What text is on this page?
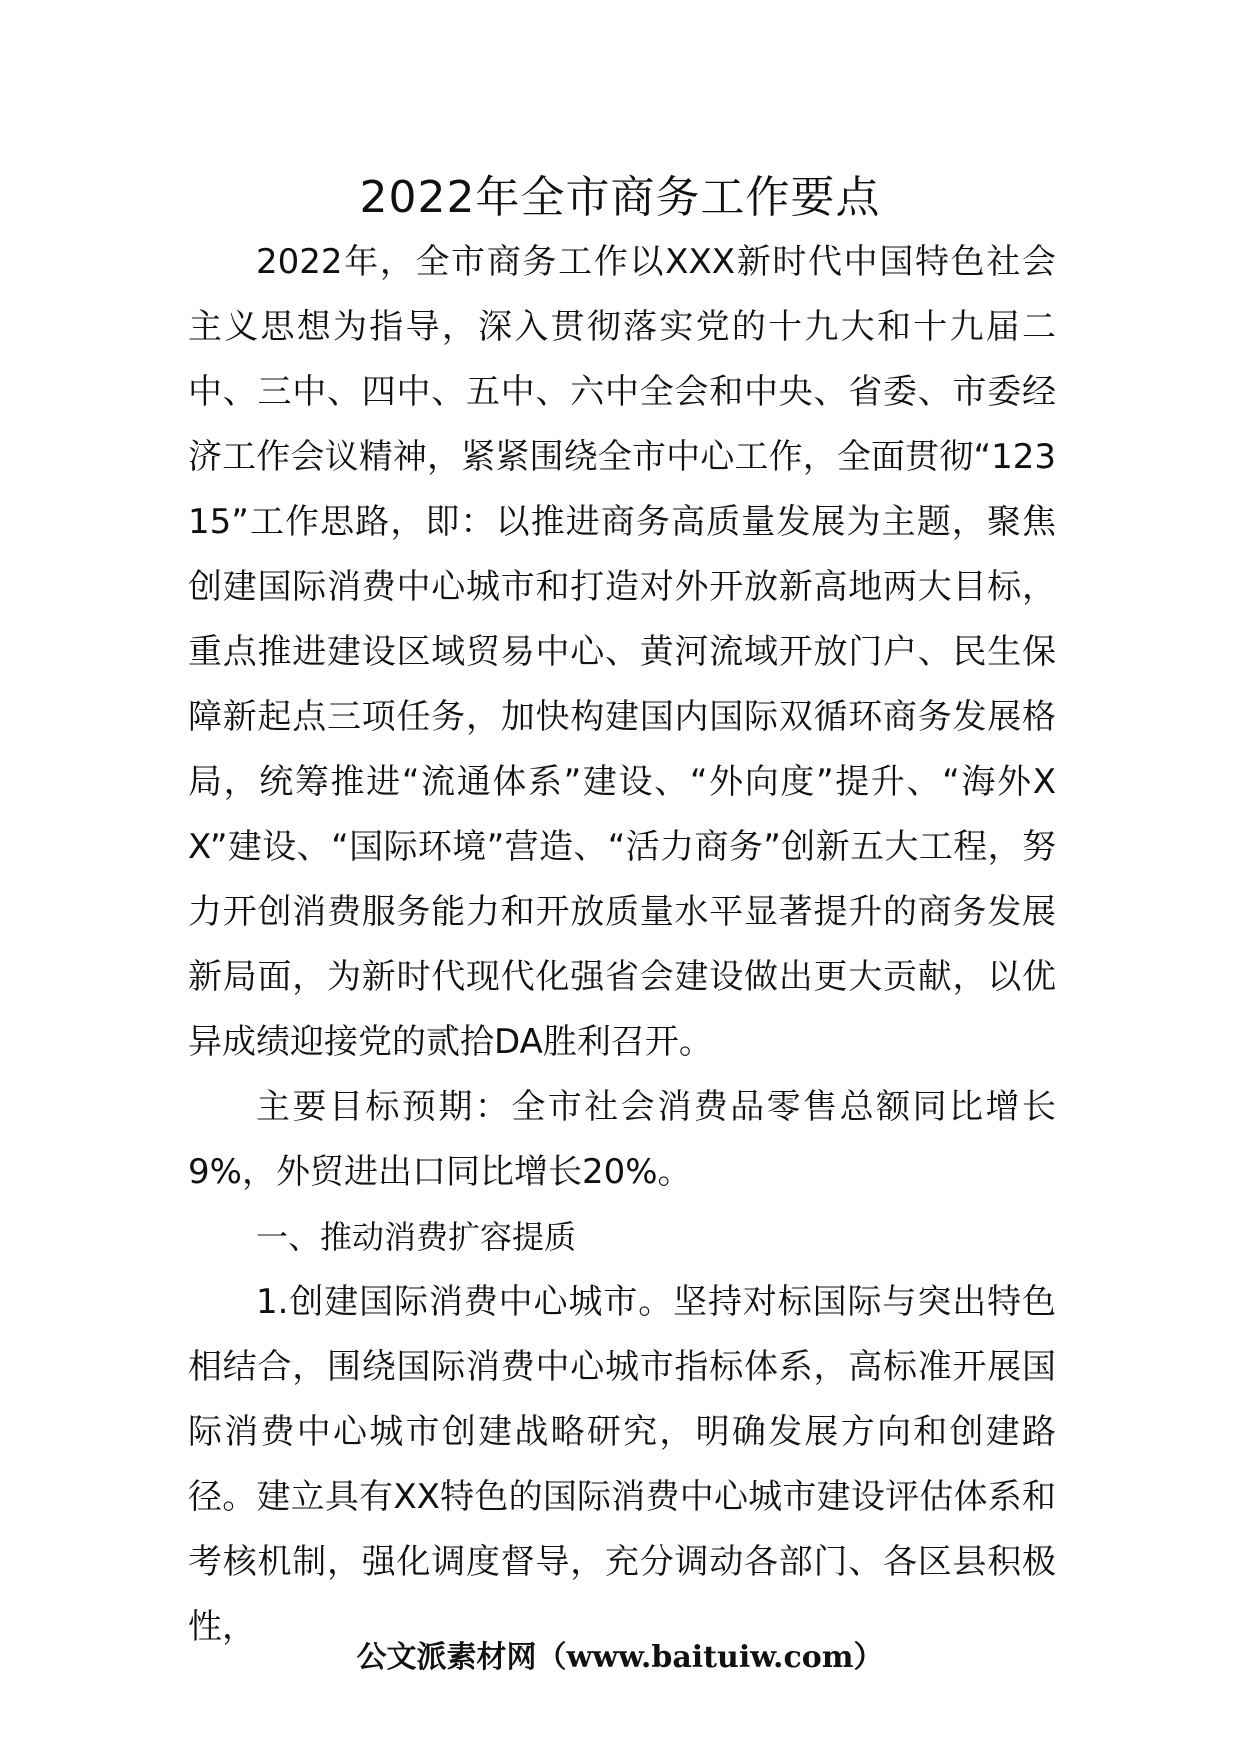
2022年全市商务工作要点

2022年，全市商务工作以XXX新时代中国特色社会主义思想为指导，深入贯彻落实党的十九大和十九届二中、三中、四中、五中、六中全会和中央、省委、市委经济工作会议精神，紧紧围绕全市中心工作，全面贯彻“12315”工作思路，即：以推进商务高质量发展为主题，聚焦创建国际消费中心城市和打造对外开放新高地两大目标，重点推进建设区域贸易中心、黄河流域开放门户、民生保障新起点三项任务，加快构建国内国际双循环商务发展格局，统筹推进“流通体系”建设、“外向度”提升、“海外XX”建设、“国际环境”营造、“活力商务”创新五大工程，努力开创消费服务能力和开放质量水平显著提升的商务发展新局面，为新时代现代化强省会建设做出更大贡献，以优异成绩迎接党的贰拾DA胜利召开。

主要目标预期：全市社会消费品零售总额同比增长9%，外贸进出口同比增长20%。

一、推动消费扩容提质

1.创建国际消费中心城市。坚持对标国际与突出特色相结合，围绕国际消费中心城市指标体系，高标准开展国际消费中心城市创建战略研究，明确发展方向和创建路径。建立具有XX特色的国际消费中心城市建设评估体系和考核机制，强化调度督导，充分调动各部门、各区县积极性，

公文派素材网（www.baituiw.com）
